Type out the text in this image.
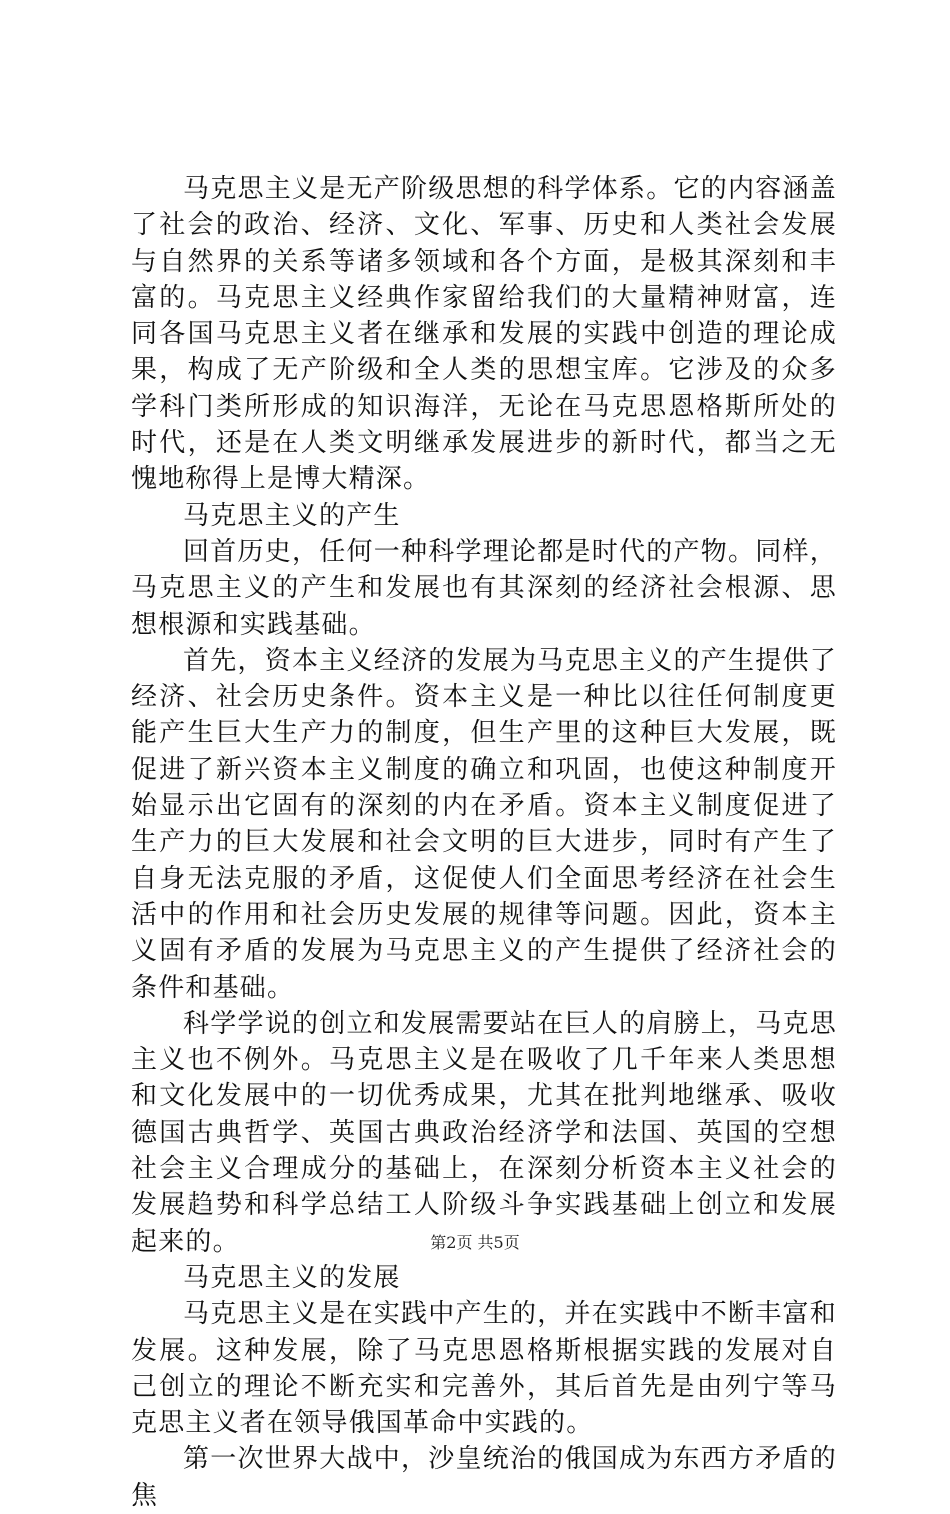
马克思主义是无产阶级思想的科学体系。它的内容涵盖了社会的政治、经济、文化、军事、历史和人类社会发展与自然界的关系等诸多领域和各个方面，是极其深刻和丰富的。马克思主义经典作家留给我们的大量精神财富，连同各国马克思主义者在继承和发展的实践中创造的理论成果，构成了无产阶级和全人类的思想宝库。它涉及的众多学科门类所形成的知识海洋，无论在马克思恩格斯所处的时代，还是在人类文明继承发展进步的新时代，都当之无愧地称得上是博大精深。

马克思主义的产生

回首历史，任何一种科学理论都是时代的产物。同样，马克思主义的产生和发展也有其深刻的经济社会根源、思想根源和实践基础。

首先，资本主义经济的发展为马克思主义的产生提供了经济、社会历史条件。资本主义是一种比以往任何制度更能产生巨大生产力的制度，但生产里的这种巨大发展，既促进了新兴资本主义制度的确立和巩固，也使这种制度开始显示出它固有的深刻的内在矛盾。资本主义制度促进了生产力的巨大发展和社会文明的巨大进步，同时有产生了自身无法克服的矛盾，这促使人们全面思考经济在社会生活中的作用和社会历史发展的规律等问题。因此，资本主义固有矛盾的发展为马克思主义的产生提供了经济社会的条件和基础。

科学学说的创立和发展需要站在巨人的肩膀上，马克思主义也不例外。马克思主义是在吸收了几千年来人类思想和文化发展中的一切优秀成果，尤其在批判地继承、吸收德国古典哲学、英国古典政治经济学和法国、英国的空想社会主义合理成分的基础上，在深刻分析资本主义社会的发展趋势和科学总结工人阶级斗争实践基础上创立和发展起来的。

马克思主义的发展

马克思主义是在实践中产生的，并在实践中不断丰富和发展。这种发展，除了马克思恩格斯根据实践的发展对自己创立的理论不断充实和完善外，其后首先是由列宁等马克思主义者在领导俄国革命中实践的。

第一次世界大战中，沙皇统治的俄国成为东西方矛盾的焦

第2页 共5页
